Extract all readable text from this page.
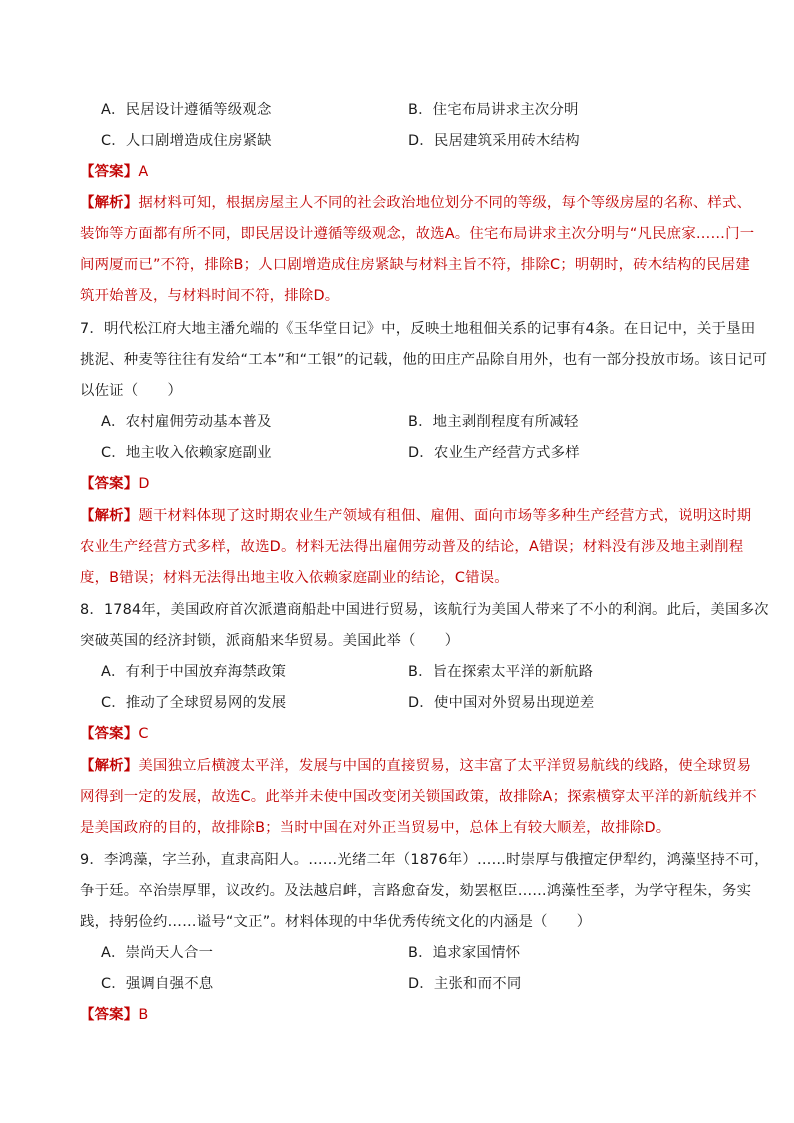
A．民居设计遵循等级观念	B．住宅布局讲求主次分明
C．人口剧增造成住房紧缺	D．民居建筑采用砖木结构
【答案】A
【解析】据材料可知，根据房屋主人不同的社会政治地位划分不同的等级，每个等级房屋的名称、样式、
装饰等方面都有所不同，即民居设计遵循等级观念，故选A。住宅布局讲求主次分明与“凡民庶家……门一
间两厦而已”不符，排除B；人口剧增造成住房紧缺与材料主旨不符，排除C；明朝时，砖木结构的民居建
筑开始普及，与材料时间不符，排除D。
7．明代松江府大地主潘允端的《玉华堂日记》中，反映土地租佃关系的记事有4条。在日记中，关于垦田
挑泥、种麦等往往有发给“工本”和“工银”的记载，他的田庄产品除自用外，也有一部分投放市场。该日记可
以佐证（　　）
A．农村雇佣劳动基本普及	B．地主剥削程度有所减轻
C．地主收入依赖家庭副业	D．农业生产经营方式多样
【答案】D
【解析】题干材料体现了这时期农业生产领域有租佃、雇佣、面向市场等多种生产经营方式，说明这时期
农业生产经营方式多样，故选D。材料无法得出雇佣劳动普及的结论，A错误；材料没有涉及地主剥削程
度，B错误；材料无法得出地主收入依赖家庭副业的结论，C错误。
8．1784年，美国政府首次派遣商船赴中国进行贸易，该航行为美国人带来了不小的利润。此后，美国多次
突破英国的经济封锁，派商船来华贸易。美国此举（　　）
A．有利于中国放弃海禁政策	B．旨在探索太平洋的新航路
C．推动了全球贸易网的发展	D．使中国对外贸易出现逆差
【答案】C
【解析】美国独立后横渡太平洋，发展与中国的直接贸易，这丰富了太平洋贸易航线的线路，使全球贸易
网得到一定的发展，故选C。此举并未使中国改变闭关锁国政策，故排除A；探索横穿太平洋的新航线并不
是美国政府的目的，故排除B；当时中国在对外正当贸易中，总体上有较大顺差，故排除D。
9．李鸿藻，字兰孙，直隶高阳人。……光绪二年（1876年）……时崇厚与俄擅定伊犁约，鸿藻坚持不可，
争于廷。卒治崇厚罪，议改约。及法越启衅，言路愈奋发，劾罢枢臣……鸿藻性至孝，为学守程朱，务实
践，持躬俭约……谥号“文正”。材料体现的中华优秀传统文化的内涵是（　　）
A．崇尚天人合一	B．追求家国情怀
C．强调自强不息	D．主张和而不同
【答案】B
